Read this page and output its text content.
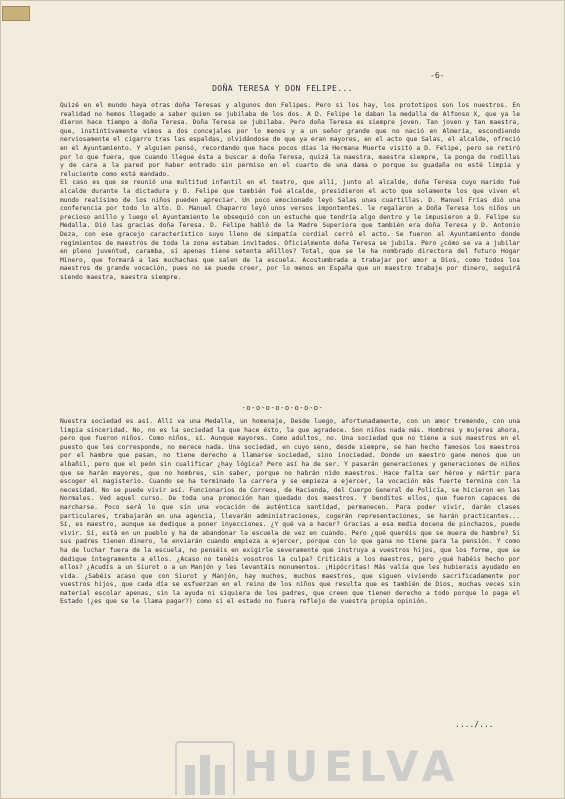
-6-
DOÑA TERESA Y DON FELIPE...

Quizé en el mundo haya otras doña Teresas y algunos don Felipes. Pero si los hay, los prototipos son los nuestros. En realidad no hemos llegado a saber quien se jubilaba de los dos. A D. Felipe le daban la medalla de Alfonso X, que ya le dieron hace tiempo a doña Teresa. Doña Teresa se jubilaba. Pero doña Teresa es siempre joven. Tan joven y tan maestra, que, instintivamente vimos a dos concejales por lo menos y a un señor grande que no nació en Almería, escondiendo nerviosamente el cigarro tras las espaldas, olvidándose de que ya eran mayores, en el acto que Salas, el alcalde, ofreció en el Ayuntamiento. Y alguien pensó, recordando que hace pocos días la Hermana Muerte visitó a D. Felipe, pero se retiró por lo que fuera, que cuando llegue ésta a buscar a doña Teresa, quizá la maestra, maestra siempre, la ponga de rodillas y de cara a la pared por haber entrado sin permiso en el cuarto de una dama o porque su guadaña no esté limpia y reluciente como está mandado.

El caso es que se reunió una multitud infantil en el teatro, que allí, junto al alcalde, doña Teresa cuyo marido fué alcalde durante la dictadura y D. Felipe que también fué alcalde, presidieron el acto que solamente los que viven el mundo realísimo de los niños pueden apreciar. Un poco emocionado leyó Salas unas cuartillas. D. Manuel Frías dió una conferencia por todo lo alto. D. Manuel Chaparro leyó unos versos impontentes. le regalaron a Doña Teresa los niños un precioso anillo y luego el Ayuntamiento le obsequió con un estuche que tendría algo dentro y le impusieron a D. Felipe su Medalla. Dió las gracias doña Teresa. D. Felipe habló de la Madre Superiora que también era doña Teresa y D. Antonio Deza, con ese gracejo característico suyo lleno de simpatía cordial cerró el acto. Se fueron al Ayuntamiento donde regimientos de maestros de toda la zona estaban invitados. Oficialmente doña Teresa se jubila. Pero ¿cómo se va a jubilar en pleno juventud, caramba, si apenas tiene setenta añillos? Total, que se le ha nombrado directora del futuro Hogar Minero, que formará a las muchachas que salen de la escuela. Acostumbrada a trabajar por amor a Dios, como todos los maestros de grande vocación, pues no se puede creer, por lo menos en España que un maestro trabaje por dinero, seguirá siendo maestra, maestra siempre.

-o-o-o-o-o-o-o-o-

Nuestra sociedad es así. Allí va una Medalla, un homenaje, Desde luego, afortunadamente, con un amor tremendo, con una limpia sinceridad. No, no es la sociedad la que hace ésto, la que agradece. Son niños nada más. Hombres y mujeres ahora, pero que fueron niños. Como niños, sí. Aunque mayores. Como adultos, no. Una sociedad que no tiene a sus maestros en el puesto que les corresponde, no merece nada. Una sociedad, en cuyo seno, desde siempre, se han hecho famosos los maestros por el hambre que pasan, no tiene derecho a llamarse sociedad, sino inociedad. Donde un maestro gane menos que un albañil, pero que el peón sin cualificar ¿hay lógica? Pero así ha de ser. Y pasarán generaciones y generaciones de niños que se harán mayores, que no hombres, sin saber, porque no habrán nido maestros. Hace falta ser héroe y mártir para escoger el magisterio. Cuando se ha terminado la carrera y se empieza a ejercer, la vocación más fuerte termina con la necesidad. No se puede vivir así. Funcionarios de Correos, de Hacienda, del Cuerpo General de Policía, se hicieron en las Normales. Ved aquel curso. De toda una promoción han quedado dos maestros. Y benditos ellos, que fueron capaces de marcharse. Poco será lo que sin una vocación de auténtica santidad, permanecen. Para poder vivir, darán clases particulares, trabajarán en una agencia, llevarán administraciones, cogerán representaciones, se harán practicantes... Sí, es maestro, aunque se dedique a poner inyecciones. ¿Y qué va a hacer? Gracias a esa media docena de pinchazos, puede vivir. Sí, está en un pueblo y ha de abandonar la escuela de vez en cuando. Pero ¿qué queréis que se muera de hambre? Si sus padres tienen dinero, le enviarán cuando empieza a ejercer, porque con lo que gana no tiene para la pensión. Y como ha de luchar fuera de la escuela, no penséis en exigirle severamente que instruya a vuestros hijos, que los forme, que se dedique íntegramente a ellos. ¿Acaso no tenéis vosotros la culpa? Criticáis a los maestros, pero ¿qué habéis hecho por ellos? ¿Acudís a un Siurot o a un Manjón y les levantáis monumentos. ¡Hipócritas! Más valía que les hubierais ayudado en vida. ¿Sabéis acaso que con Siurot y Manjón, hay muchos, muchos maestros, que siguen viviendo sacrificadamente por vuestros hijos, que cada día se esfuerzan en el reino de los niños que resulta que es también de Dios, muchas veces sin material escolar apenas, sin la ayuda ni siquiera de los padres, que creen que tienen derecho a todo porque lo paga el Estado (¿es que se le llama pagar?) como si el estado no fuera reflejo de vuestra propia opinión.

..../...
HUELVA
